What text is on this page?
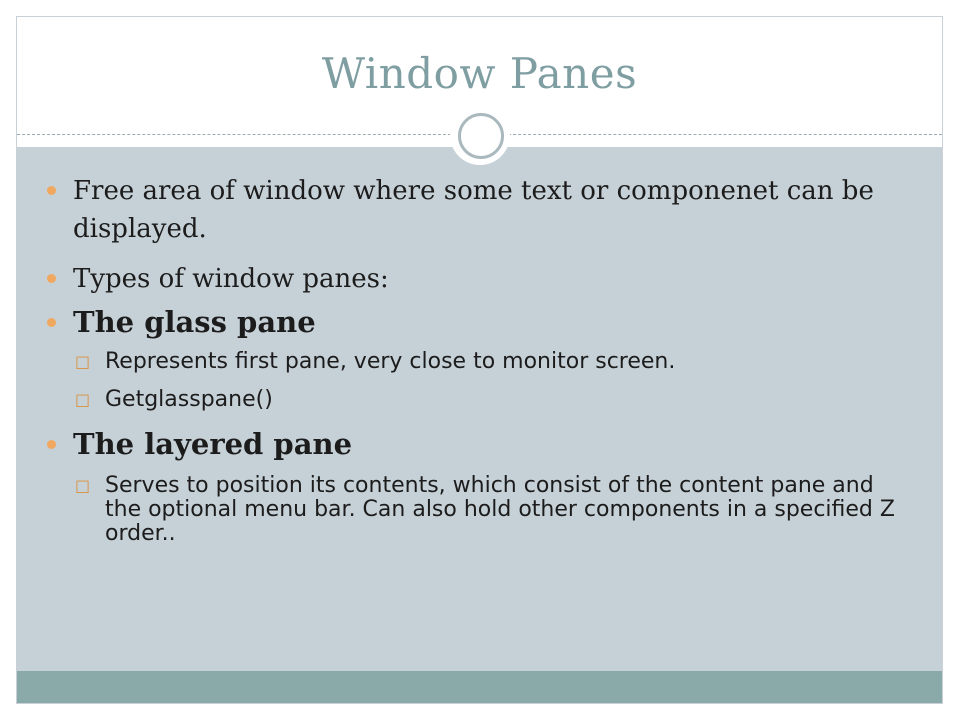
Window Panes
Free area of window where some text or componenet can be displayed.
Types of window panes:
The glass pane
□ Represents first pane, very close to monitor screen.
□ Getglasspane()
The layered pane
□ Serves to position its contents, which consist of the content pane and the optional menu bar. Can also hold other components in a specified Z order..
